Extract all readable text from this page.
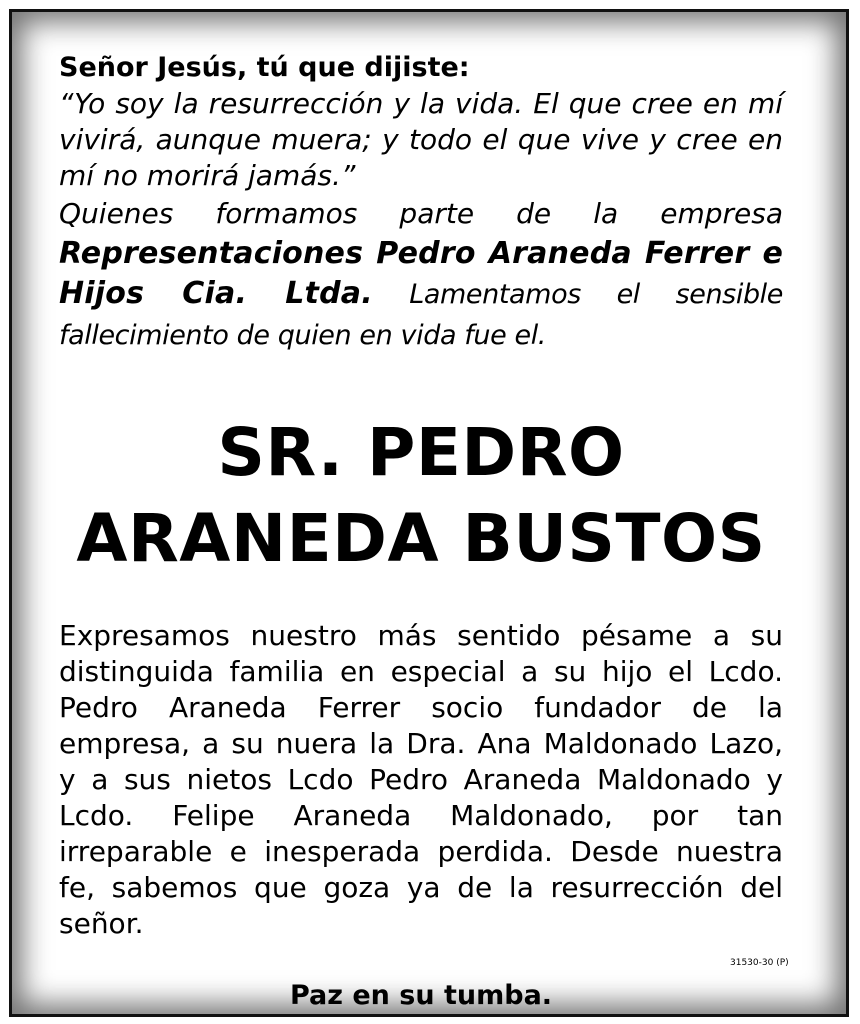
Señor Jesús, tú que dijiste:

“Yo soy la resurrección y la vida. El que cree en mí vivirá, aunque muera; y todo el que vive y cree en mí no morirá jamás.”

Quienes formamos parte de la empresa
Representaciones Pedro Araneda Ferrer e Hijos Cia. Ltda. Lamentamos el sensible fallecimiento de quien en vida fue el.

SR. PEDRO
ARANEDA BUSTOS

Expresamos nuestro más sentido pésame a su distinguida familia en especial a su hijo el Lcdo. Pedro Araneda Ferrer socio fundador de la empresa, a su nuera la Dra. Ana Maldonado Lazo, y a sus nietos Lcdo Pedro Araneda Maldonado y Lcdo. Felipe Araneda Maldonado, por tan irreparable e inesperada perdida. Desde nuestra fe, sabemos que goza ya de la resurrección del señor.

Paz en su tumba.

31530-30 (P)
